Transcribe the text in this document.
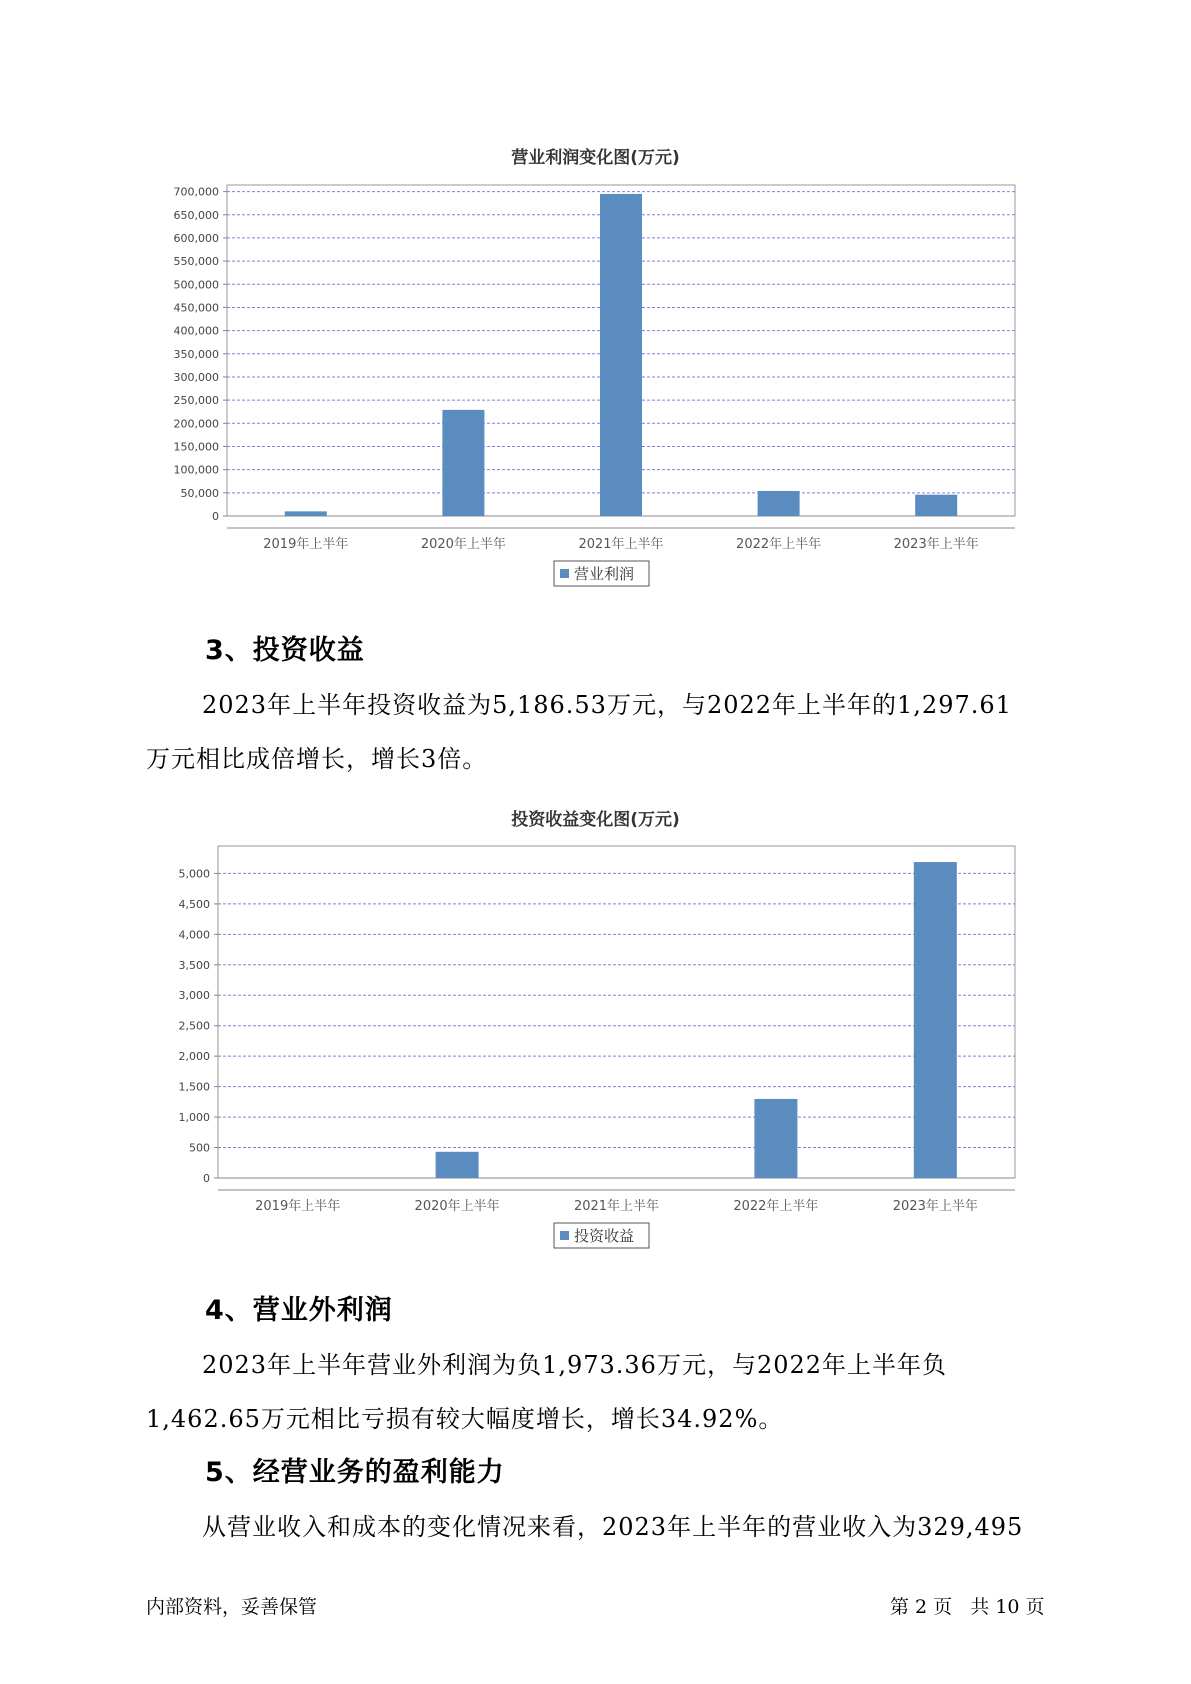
营业利润变化图(万元)
0
50,000
100,000
150,000
200,000
250,000
300,000
350,000
400,000
450,000
500,000
550,000
600,000
650,000
700,000
2019年上半年	2020年上半年	2021年上半年	2022年上半年	2023年上半年
营业利润
3、投资收益

2023年上半年投资收益为5,186.53万元，与2022年上半年的1,297.61
万元相比成倍增长，增长3倍。

投资收益变化图(万元)
0
500
1,000
1,500
2,000
2,500
3,000
3,500
4,000
4,500
5,000
2019年上半年	2020年上半年	2021年上半年	2022年上半年	2023年上半年
投资收益
4、营业外利润

2023年上半年营业外利润为负1,973.36万元，与2022年上半年负
1,462.65万元相比亏损有较大幅度增长，增长34.92%。

5、经营业务的盈利能力

从营业收入和成本的变化情况来看，2023年上半年的营业收入为329,495

内部资料，妥善保管	第 2 页   共 10 页
